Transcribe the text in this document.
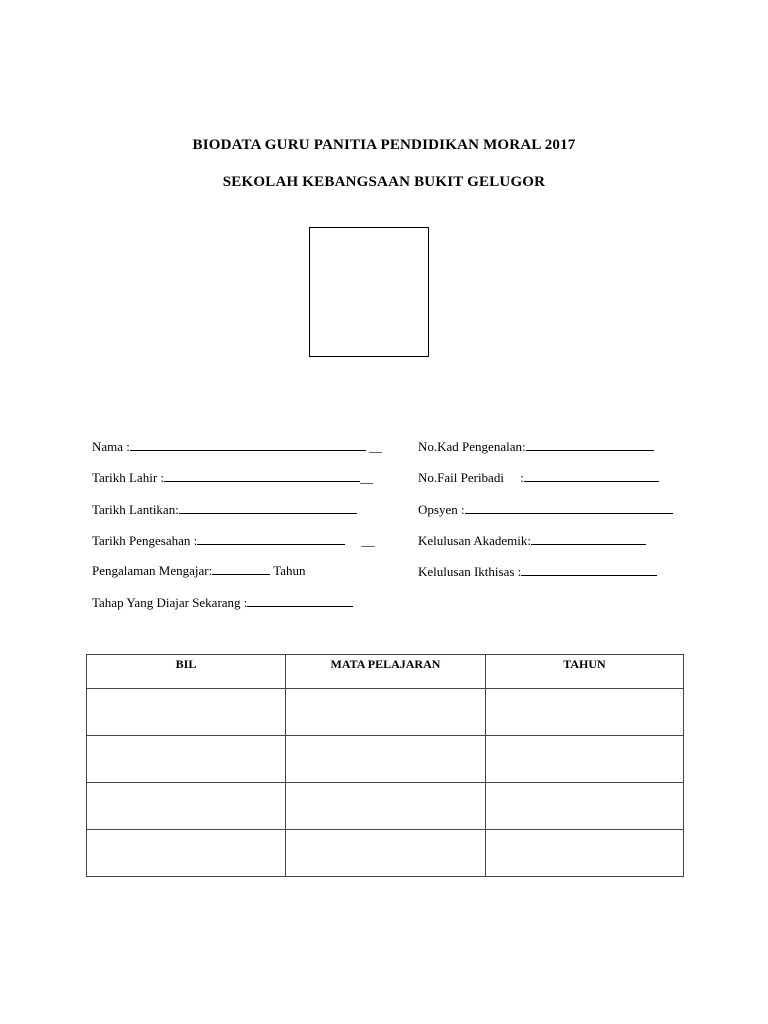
BIODATA GURU PANITIA PENDIDIKAN MORAL 2017
SEKOLAH KEBANGSAAN BUKIT GELUGOR
Nama :	__
Tarikh Lahir :	__
Tarikh Lantikan:
Tarikh Pengesahan :	__
Pengalaman Mengajar:	Tahun
Tahap Yang Diajar Sekarang :
No.Kad Pengenalan:
No.Fail Peribadi     :
Opsyen :
Kelulusan Akademik:
Kelulusan Ikthisas :
BIL	MATA PELAJARAN	TAHUN
